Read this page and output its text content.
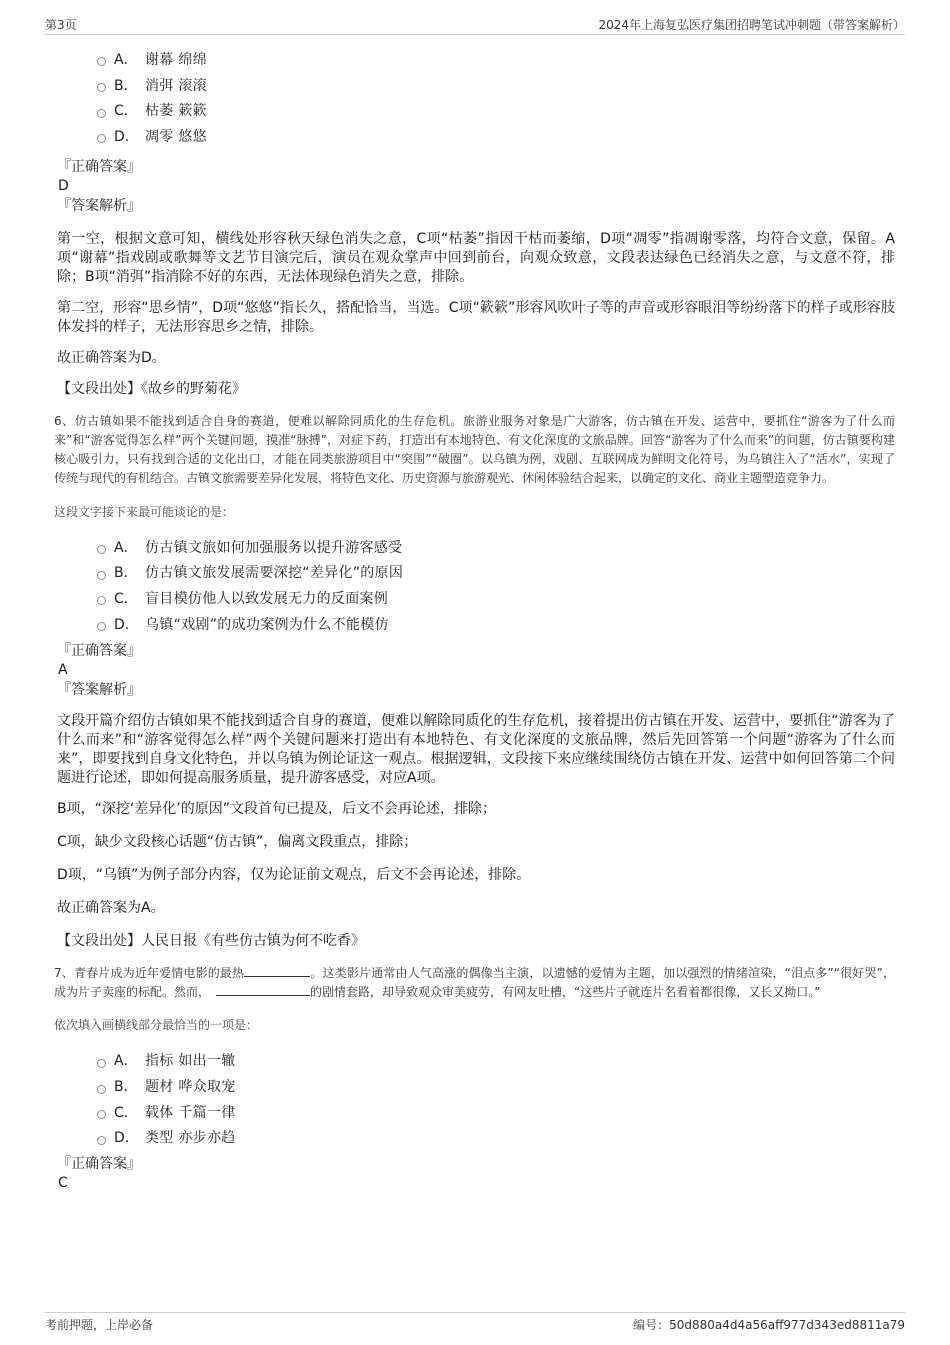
第3页	2024年上海复弘医疗集团招聘笔试冲刺题（带答案解析）
A． 谢幕 绵绵
B． 消弭 滚滚
C． 枯萎 簌簌
D． 凋零 悠悠

『正确答案』

D

『答案解析』

第一空，根据文意可知，横线处形容秋天绿色消失之意，C项“枯萎”指因干枯而萎缩，D项“凋零”指凋谢零落，均符合文意，保留。A项“谢幕”指戏剧或歌舞等文艺节目演完后，演员在观众掌声中回到前台，向观众致意，文段表达绿色已经消失之意，与文意不符，排除；B项“消弭”指消除不好的东西，无法体现绿色消失之意，排除。

第二空，形容“思乡情”，D项“悠悠”指长久，搭配恰当，当选。C项“簌簌”形容风吹叶子等的声音或形容眼泪等纷纷落下的样子或形容肢体发抖的样子，无法形容思乡之情，排除。

故正确答案为D。

【文段出处】《故乡的野菊花》

6、仿古镇如果不能找到适合自身的赛道，便难以解除同质化的生存危机。旅游业服务对象是广大游客，仿古镇在开发、运营中，要抓住“游客为了什么而来”和“游客觉得怎么样”两个关键问题，摸准“脉搏”，对症下药，打造出有本地特色、有文化深度的文旅品牌。回答“游客为了什么而来”的问题，仿古镇要构建核心吸引力，只有找到合适的文化出口，才能在同类旅游项目中“突围”“破圈”。以乌镇为例，戏剧、互联网成为鲜明文化符号，为乌镇注入了“活水”，实现了传统与现代的有机结合。古镇文旅需要差异化发展，将特色文化、历史资源与旅游观光、休闲体验结合起来，以确定的文化、商业主题塑造竞争力。

这段文字接下来最可能谈论的是：

A． 仿古镇文旅如何加强服务以提升游客感受
B． 仿古镇文旅发展需要深挖“差异化”的原因
C． 盲目模仿他人以致发展无力的反面案例
D． 乌镇“戏剧”的成功案例为什么不能模仿

『正确答案』

A

『答案解析』

文段开篇介绍仿古镇如果不能找到适合自身的赛道，便难以解除同质化的生存危机，接着提出仿古镇在开发、运营中，要抓住“游客为了什么而来”和“游客觉得怎么样”两个关键问题来打造出有本地特色、有文化深度的文旅品牌，然后先回答第一个问题“游客为了什么而来”，即要找到自身文化特色，并以乌镇为例论证这一观点。根据逻辑，文段接下来应继续围绕仿古镇在开发、运营中如何回答第二个问题进行论述，即如何提高服务质量，提升游客感受，对应A项。

B项，“深挖‘差异化’的原因”文段首句已提及，后文不会再论述，排除；

C项，缺少文段核心话题“仿古镇”，偏离文段重点，排除；

D项，“乌镇”为例子部分内容，仅为论证前文观点，后文不会再论述，排除。

故正确答案为A。

【文段出处】人民日报《有些仿古镇为何不吃香》

7、青春片成为近年爱情电影的最热	。这类影片通常由人气高涨的偶像当主演，以遗憾的爱情为主题，加以强烈的情绪渲染，“泪点多”“很好哭”，成为片子卖座的标配。然而，	的剧情套路，却导致观众审美疲劳，有网友吐槽，“这些片子就连片名看着都很像，又长又拗口。”

依次填入画横线部分最恰当的一项是：

A． 指标 如出一辙
B． 题材 哗众取宠
C． 载体 千篇一律
D． 类型 亦步亦趋

『正确答案』

C

考前押题，上岸必备	编号：50d880a4d4a56aff977d343ed8811a79
